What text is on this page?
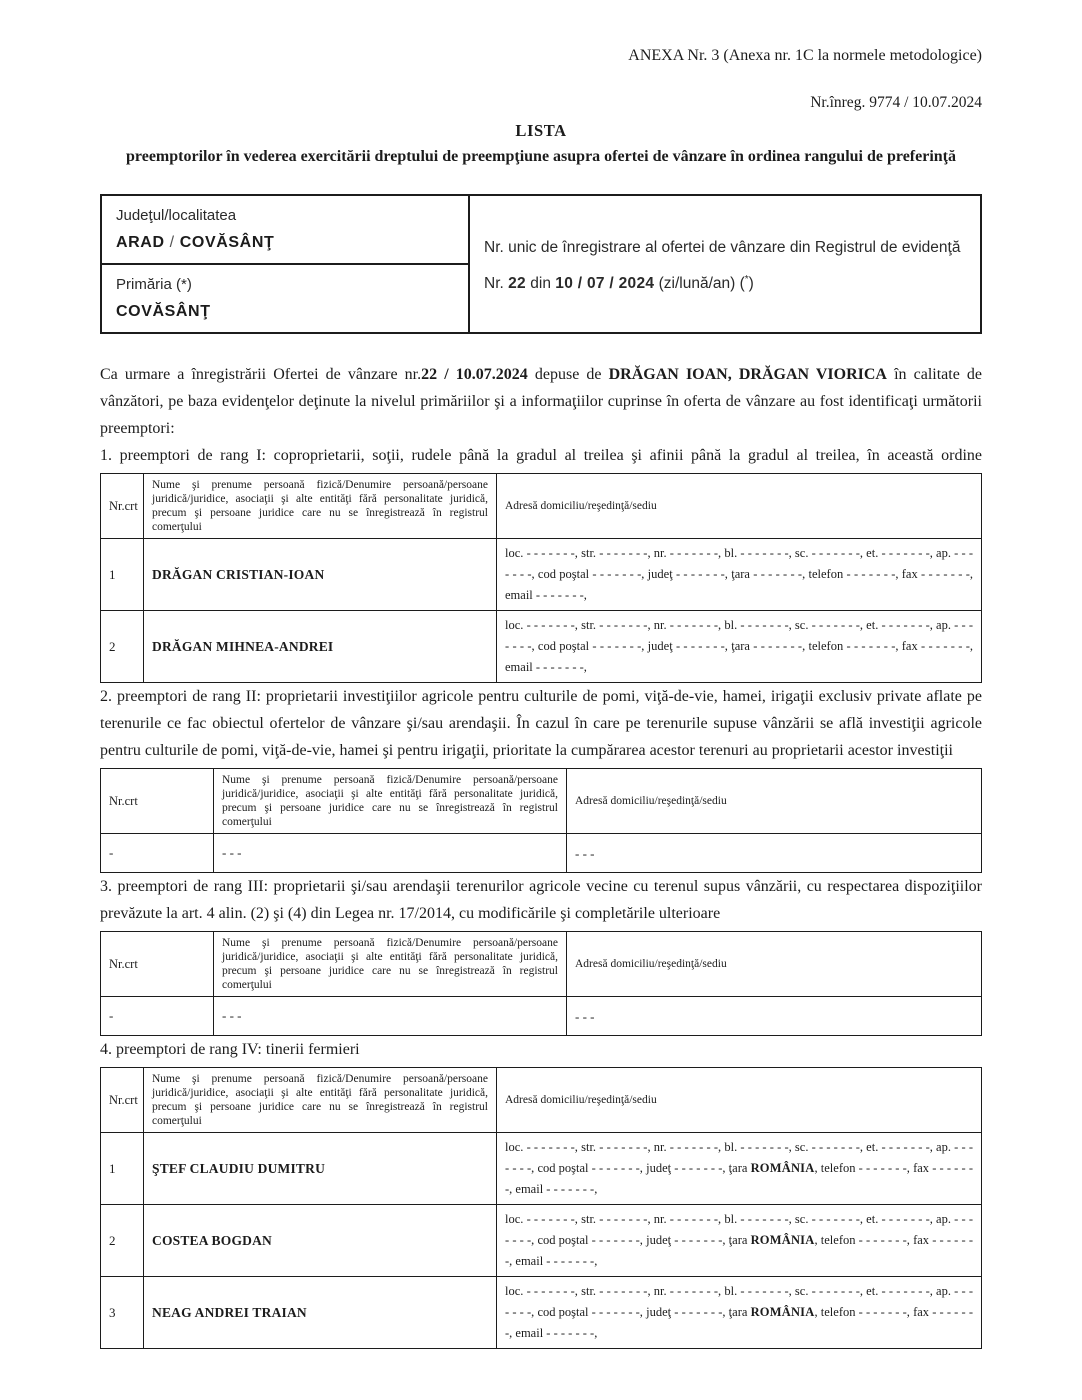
ANEXA Nr. 3 (Anexa nr. 1C la normele metodologice)
Nr.înreg. 9774 / 10.07.2024
LISTA
preemptorilor în vederea exercitării dreptului de preempţiune asupra ofertei de vânzare în ordinea rangului de preferinţă
Judeţul/localitatea
ARAD / COVĂSÂNŢ	Nr. unic de înregistrare al ofertei de vânzare din Registrul de evidenţă
Nr. 22 din 10 / 07 / 2024 (zi/lună/an) (*)

Primăria (*)
COVĂSÂNŢ

Ca urmare a înregistrării Ofertei de vânzare nr.22 / 10.07.2024 depuse de DRĂGAN IOAN, DRĂGAN VIORICA în calitate de vânzători, pe baza evidenţelor deţinute la nivelul primăriilor şi a informaţiilor cuprinse în oferta de vânzare au fost identificaţi următorii preemptori:

1. preemptori de rang I: coproprietarii, soţii, rudele până la gradul al treilea şi afinii până la gradul al treilea, în această ordine

Nr.crt	Nume şi prenume persoană fizică/Denumire persoană/persoane juridică/juridice, asociaţii şi alte entităţi fără personalitate juridică, precum şi persoane juridice care nu se înregistrează în registrul comerţului	Adresă domiciliu/reşedinţă/sediu
1	DRĂGAN CRISTIAN-IOAN	loc. - - - - - - -, str. - - - - - - -, nr. - - - - - - -, bl. - - - - - - -, sc. - - - - - - -, et. - - - - - - -, ap. - - - - - - -, cod poştal - - - - - - -, judeţ - - - - - - -, ţara - - - - - - -, telefon - - - - - - -, fax - - - - - - -, email - - - - - - -,
2	DRĂGAN MIHNEA-ANDREI	loc. - - - - - - -, str. - - - - - - -, nr. - - - - - - -, bl. - - - - - - -, sc. - - - - - - -, et. - - - - - - -, ap. - - - - - - -, cod poştal - - - - - - -, judeţ - - - - - - -, ţara - - - - - - -, telefon - - - - - - -, fax - - - - - - -, email - - - - - - -,

2. preemptori de rang II: proprietarii investiţiilor agricole pentru culturile de pomi, viţă-de-vie, hamei, irigaţii exclusiv private aflate pe terenurile ce fac obiectul ofertelor de vânzare şi/sau arendaşii. În cazul în care pe terenurile supuse vânzării se află investiţii agricole pentru culturile de pomi, viţă-de-vie, hamei şi pentru irigaţii, prioritate la cumpărarea acestor terenuri au proprietarii acestor investiţii

Nr.crt	Nume şi prenume persoană fizică/Denumire persoană/persoane juridică/juridice, asociaţii şi alte entităţi fără personalitate juridică, precum şi persoane juridice care nu se înregistrează în registrul comerţului	Adresă domiciliu/reşedinţă/sediu
-	- - -	- - -

3. preemptori de rang III: proprietarii şi/sau arendaşii terenurilor agricole vecine cu terenul supus vânzării, cu respectarea dispoziţiilor prevăzute la art. 4 alin. (2) şi (4) din Legea nr. 17/2014, cu modificările şi completările ulterioare

Nr.crt	Nume şi prenume persoană fizică/Denumire persoană/persoane juridică/juridice, asociaţii şi alte entităţi fără personalitate juridică, precum şi persoane juridice care nu se înregistrează în registrul comerţului	Adresă domiciliu/reşedinţă/sediu
-	- - -	- - -

4. preemptori de rang IV: tinerii fermieri

Nr.crt	Nume şi prenume persoană fizică/Denumire persoană/persoane juridică/juridice, asociaţii şi alte entităţi fără personalitate juridică, precum şi persoane juridice care nu se înregistrează în registrul comerţului	Adresă domiciliu/reşedinţă/sediu
1	ŞTEF CLAUDIU DUMITRU	loc. - - - - - - -, str. - - - - - - -, nr. - - - - - - -, bl. - - - - - - -, sc. - - - - - - -, et. - - - - - - -, ap. - - - - - - -, cod poştal - - - - - - -, judeţ - - - - - - -, ţara ROMÂNIA, telefon - - - - - - -, fax - - - - - - -, email - - - - - - -,
2	COSTEA BOGDAN	loc. - - - - - - -, str. - - - - - - -, nr. - - - - - - -, bl. - - - - - - -, sc. - - - - - - -, et. - - - - - - -, ap. - - - - - - -, cod poştal - - - - - - -, judeţ - - - - - - -, ţara ROMÂNIA, telefon - - - - - - -, fax - - - - - - -, email - - - - - - -,
3	NEAG ANDREI TRAIAN	loc. - - - - - - -, str. - - - - - - -, nr. - - - - - - -, bl. - - - - - - -, sc. - - - - - - -, et. - - - - - - -, ap. - - - - - - -, cod poştal - - - - - - -, judeţ - - - - - - -, ţara ROMÂNIA, telefon - - - - - - -, fax - - - - - - -, email - - - - - - -,
